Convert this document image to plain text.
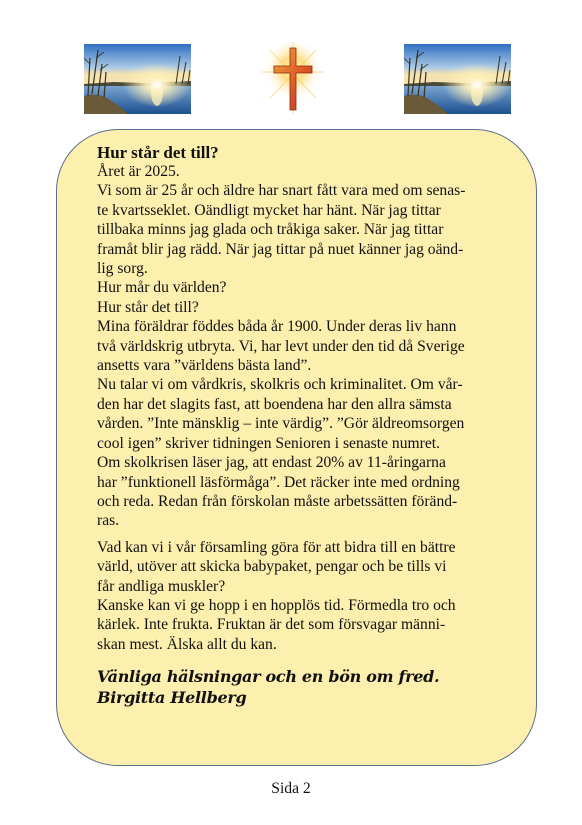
Hur står det till?

Året är 2025.
Vi som är 25 år och äldre har snart fått vara med om senas-
te kvartsseklet. Oändligt mycket har hänt. När jag tittar
tillbaka minns jag glada och tråkiga saker. När jag tittar
framåt blir jag rädd. När jag tittar på nuet känner jag oänd-
lig sorg.
Hur mår du världen?
Hur står det till?
Mina föräldrar föddes båda år 1900. Under deras liv hann
två världskrig utbryta. Vi, har levt under den tid då Sverige
ansetts vara ”världens bästa land”.
Nu talar vi om vårdkris, skolkris och kriminalitet. Om vår-
den har det slagits fast, att boendena har den allra sämsta
vården. ”Inte mänsklig – inte värdig”. ”Gör äldreomsorgen
cool igen” skriver tidningen Senioren i senaste numret.
Om skolkrisen läser jag, att endast 20% av 11-åringarna
har ”funktionell läsförmåga”. Det räcker inte med ordning
och reda. Redan från förskolan måste arbetssätten föränd-
ras.

Vad kan vi i vår församling göra för att bidra till en bättre
värld, utöver att skicka babypaket, pengar och be tills vi
får andliga muskler?
Kanske kan vi ge hopp i en hopplös tid. Förmedla tro och
kärlek. Inte frukta. Fruktan är det som försvagar männi-
skan mest. Älska allt du kan.

Vänliga hälsningar och en bön om fred.
Birgitta Hellberg
Sida 2
